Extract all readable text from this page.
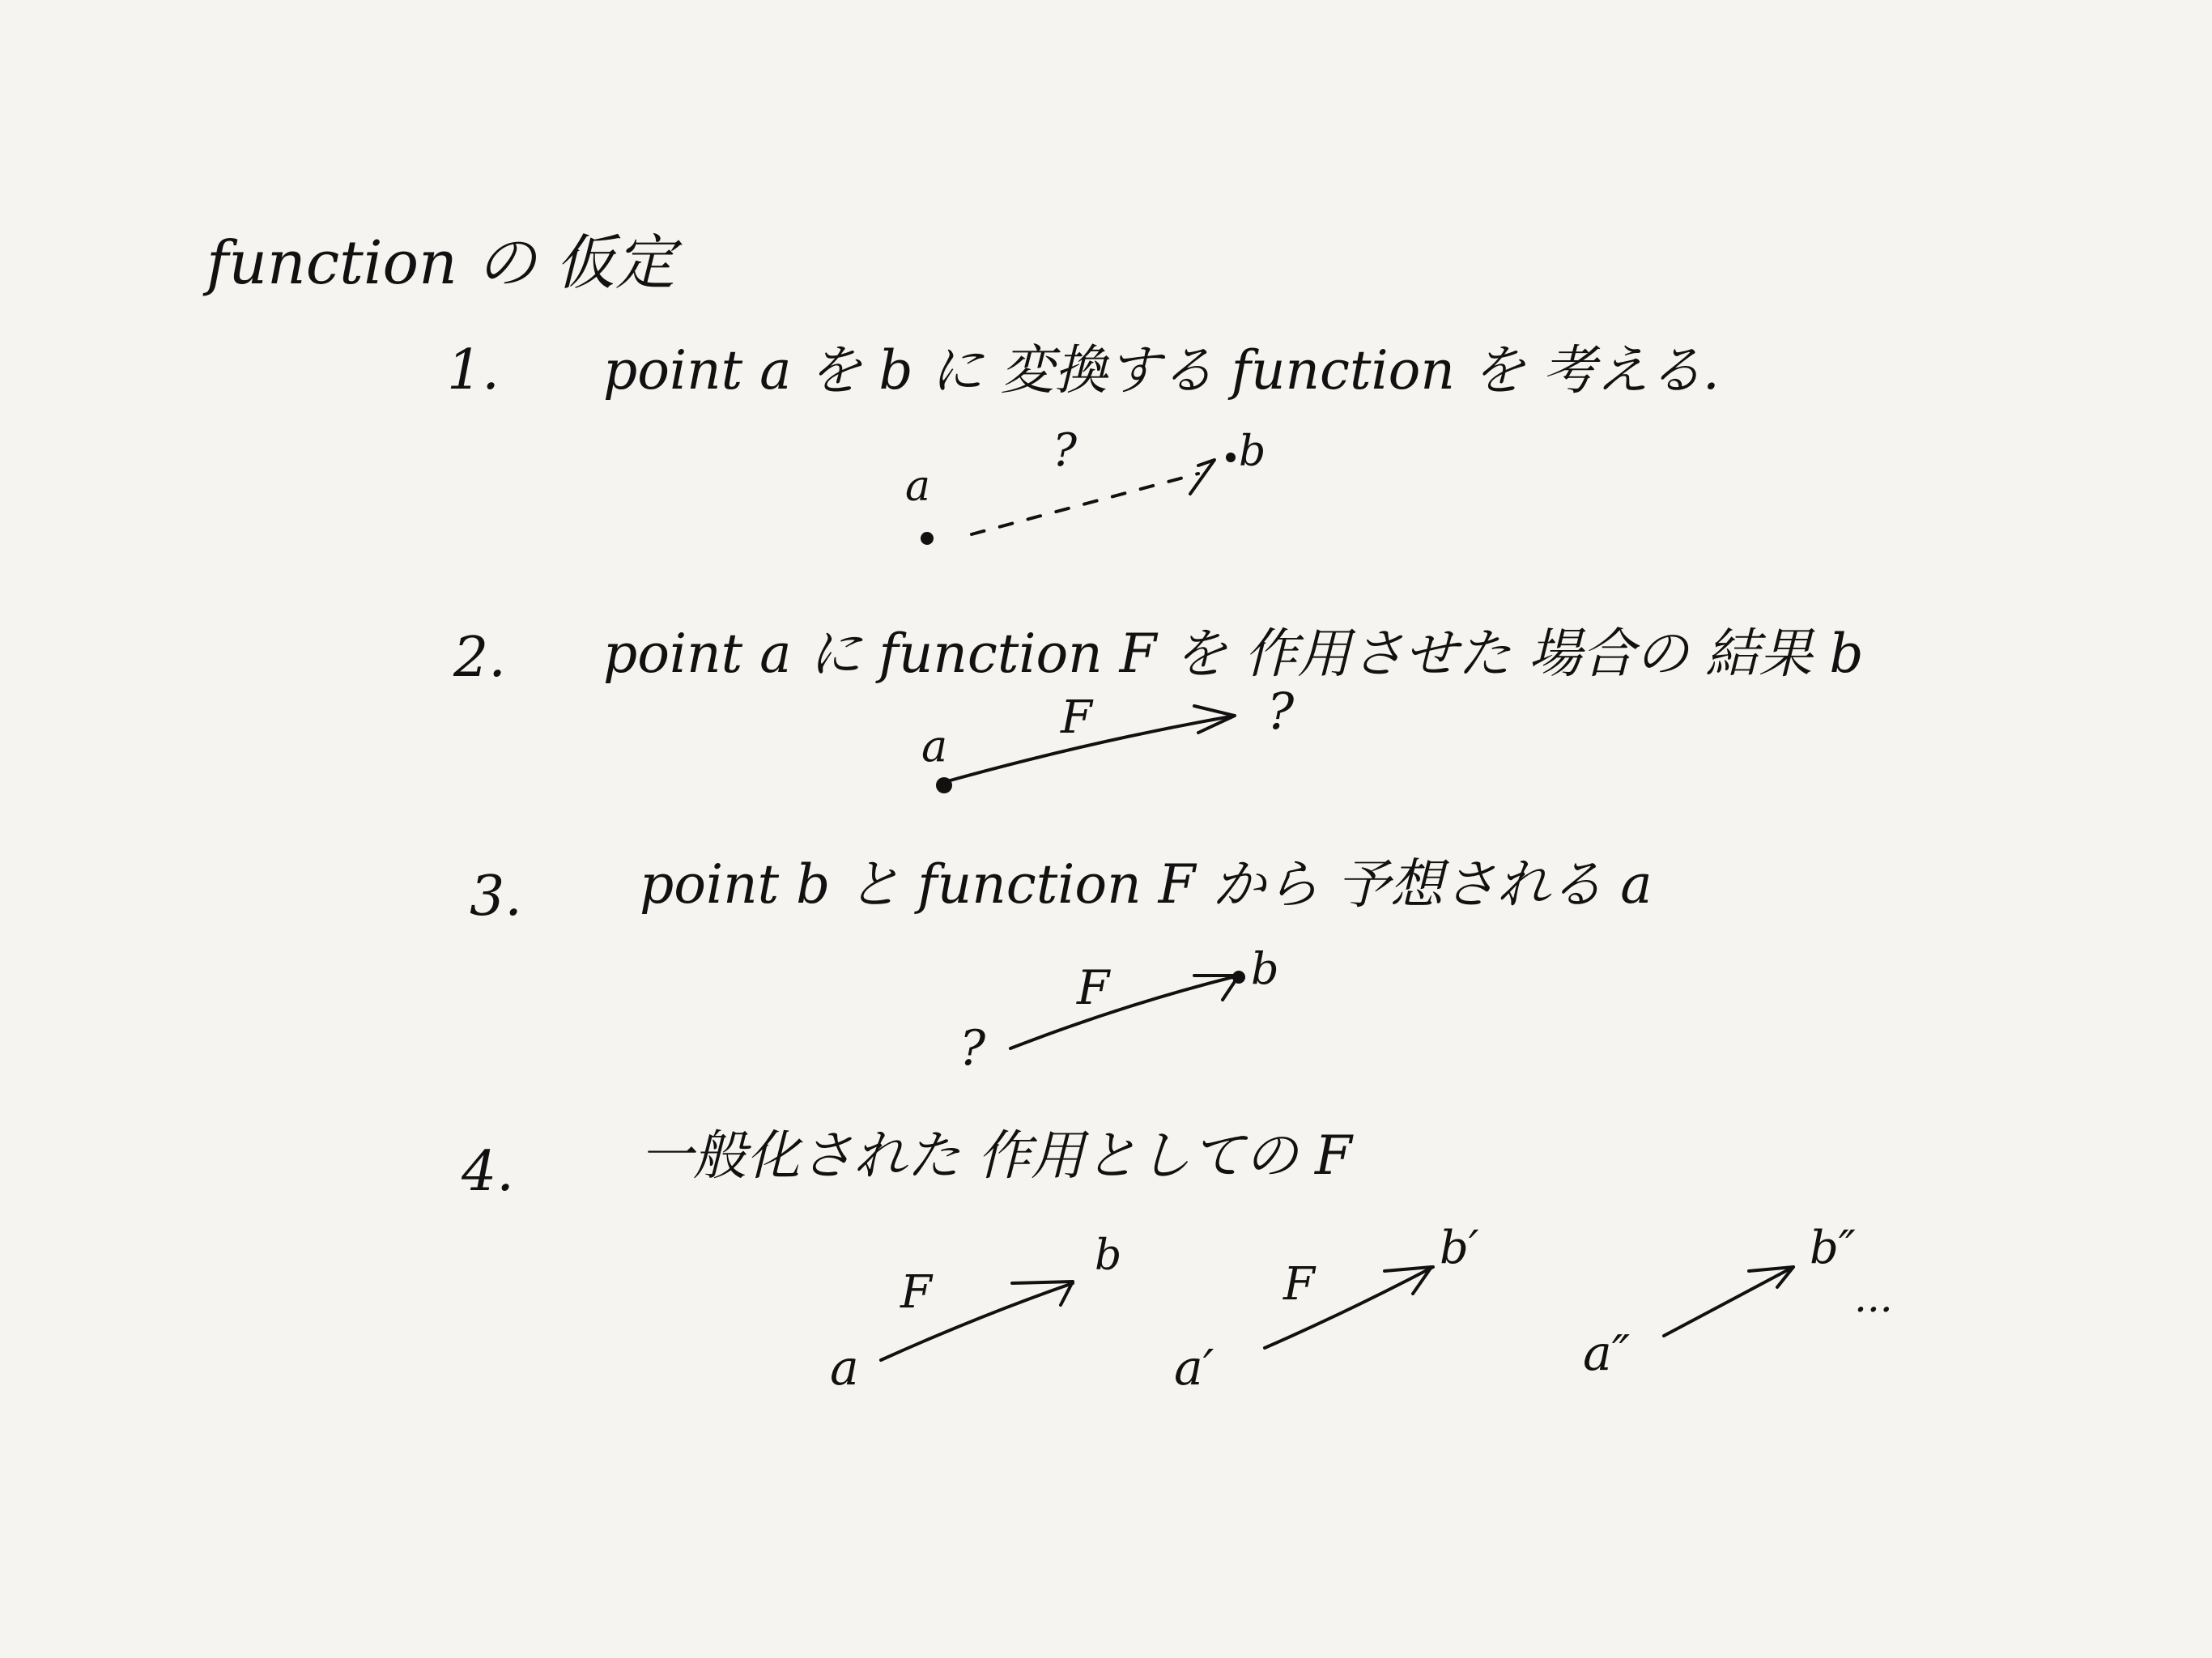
function の 仮定
1. point a を b に 変換する function を 考える.
a
?	b
2. point a に function F を 作用させた 場合の 結果 b
a
F	?
3. point b と function F から 予想される a
?
F	b
4. 一般化された 作用としての F
a
F
b
a′
F
b′
a″
b″
...
